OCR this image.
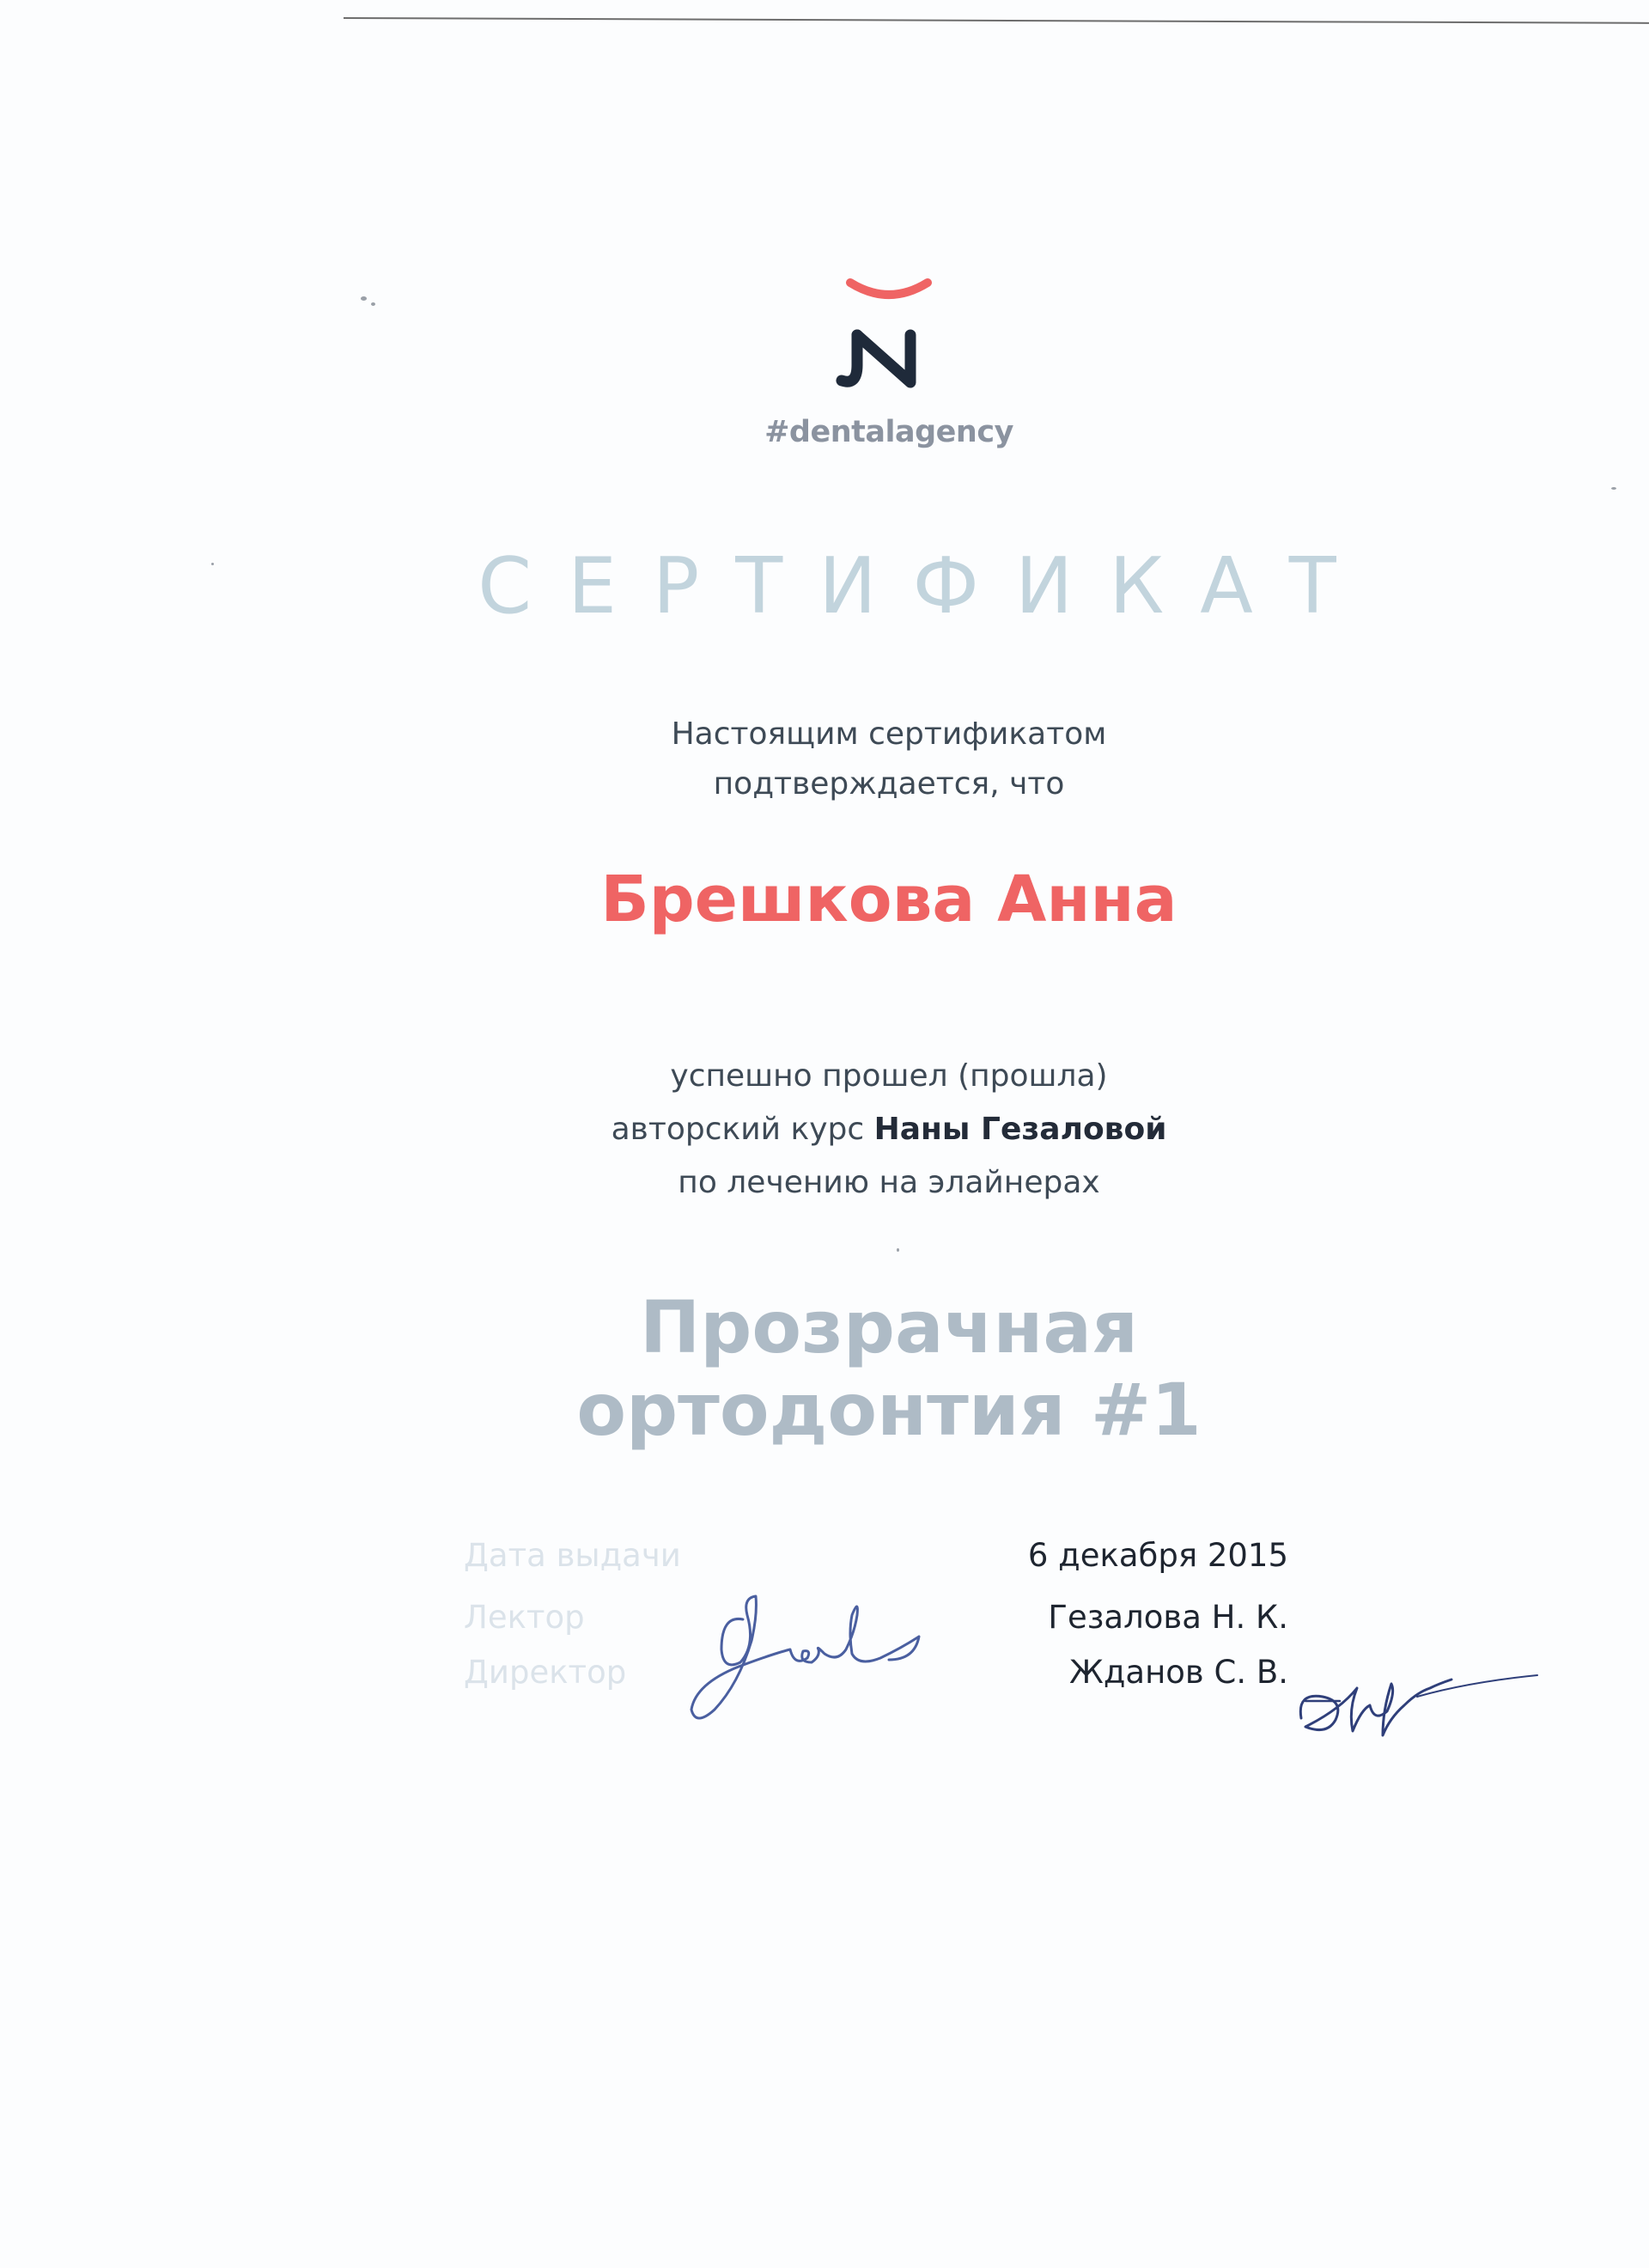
#dentalagency
СЕРТИФИКАТ
Настоящим сертификатом
подтверждается, что
Брешкова Анна
успешно прошел (прошла)
авторский курс Наны Гезаловой
по лечению на элайнерах
Прозрачная
ортодонтия #1
Дата выдачи	6 декабря 2015
Лектор	Гезалова Н. К.
Директор	Жданов С. В.
